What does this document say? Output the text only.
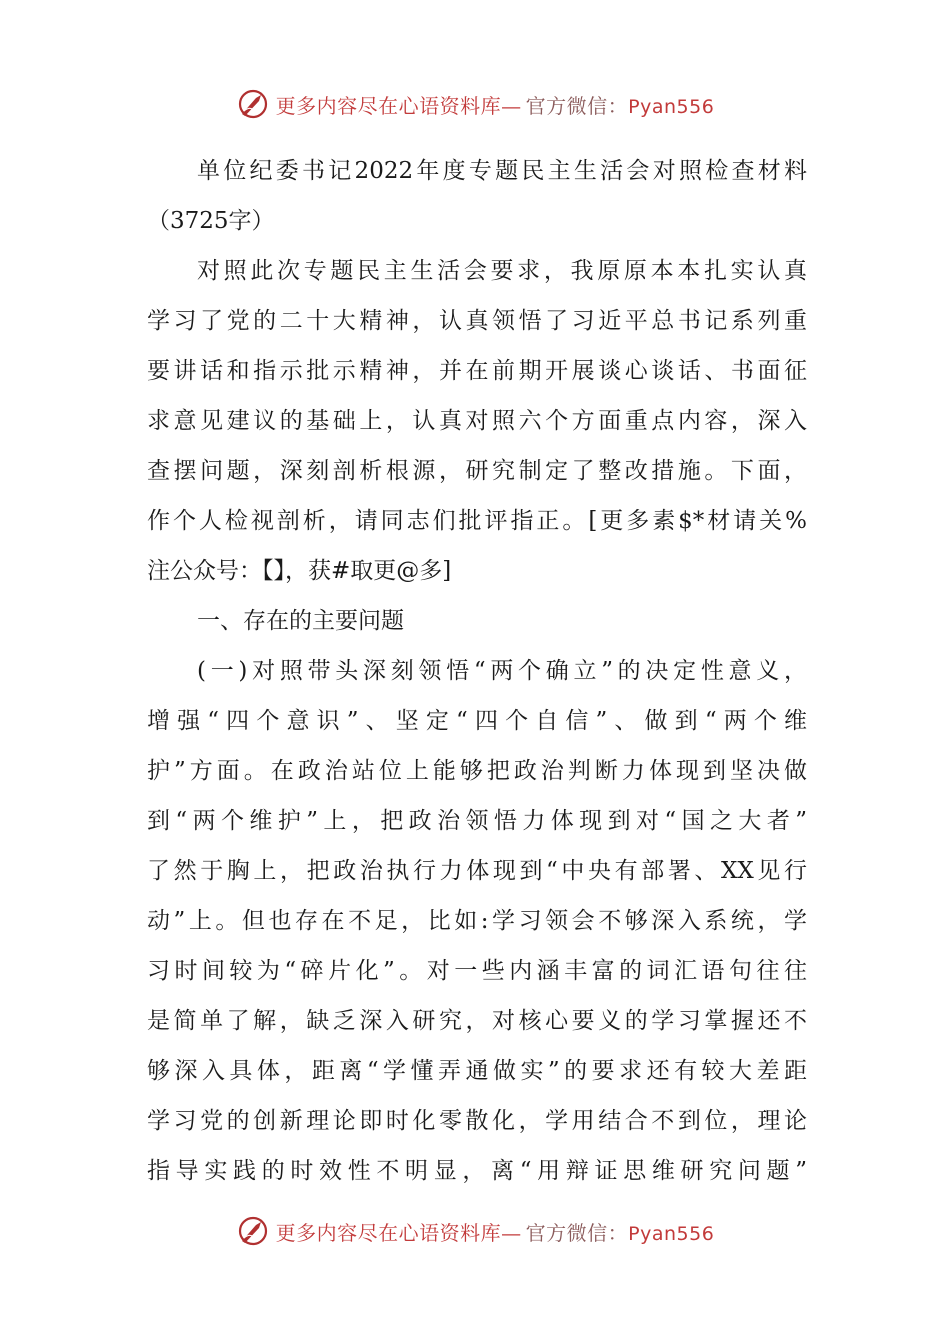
更多内容尽在心语资料库— 官方微信：Pyan556
单位纪委书记2022年度专题民主生活会对照检查材料
（3725字）
对照此次专题民主生活会要求，我原原本本扎实认真
学习了党的二十大精神，认真领悟了习近平总书记系列重
要讲话和指示批示精神，并在前期开展谈心谈话、书面征
求意见建议的基础上，认真对照六个方面重点内容，深入
查摆问题，深刻剖析根源，研究制定了整改措施。下面，
作个人检视剖析，请同志们批评指正。[更多素$*材请关%
注公众号：【】，获#取更@多]
一、存在的主要问题
(一)对照带头深刻领悟“两个确立”的决定性意义，
增强“四个意识”、坚定“四个自信”、做到“两个维
护”方面。在政治站位上能够把政治判断力体现到坚决做
到“两个维护”上，把政治领悟力体现到对“国之大者”
了然于胸上，把政治执行力体现到“中央有部署、XX见行
动”上。但也存在不足，比如:学习领会不够深入系统，学
习时间较为“碎片化”。对一些内涵丰富的词汇语句往往
是简单了解，缺乏深入研究，对核心要义的学习掌握还不
够深入具体，距离“学懂弄通做实”的要求还有较大差距
学习党的创新理论即时化零散化，学用结合不到位，理论
指导实践的时效性不明显，离“用辩证思维研究问题”
更多内容尽在心语资料库— 官方微信：Pyan556
